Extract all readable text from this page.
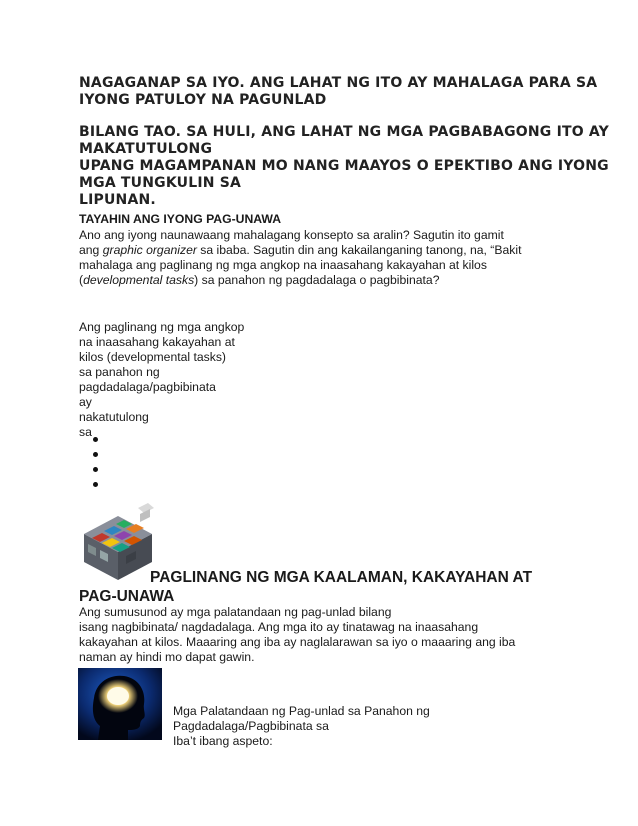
NAGAGANAP SA IYO. ANG LAHAT NG ITO AY MAHALAGA PARA SA
IYONG PATULOY NA PAGUNLAD
BILANG TAO. SA HULI, ANG LAHAT NG MGA PAGBABAGONG ITO AY
MAKATUTULONG
UPANG MAGAMPANAN MO NANG MAAYOS O EPEKTIBO ANG IYONG
MGA TUNGKULIN SA
LIPUNAN.
TAYAHIN ANG IYONG PAG-UNAWA
Ano ang iyong naunawaang mahalagang konsepto sa aralin? Sagutin ito gamit
ang graphic organizer sa ibaba. Sagutin din ang kakailanganing tanong, na, “Bakit
mahalaga ang paglinang ng mga angkop na inaasahang kakayahan at kilos
(developmental tasks) sa panahon ng pagdadalaga o pagbibinata?
Ang paglinang ng mga angkop
na inaasahang kakayahan at
kilos (developmental tasks)
sa panahon ng
pagdadalaga/pagbibinata
ay
nakatutulong
sa
PAGLINANG NG MGA KAALAMAN, KAKAYAHAN AT
PAG-UNAWA
Ang sumusunod ay mga palatandaan ng pag-unlad bilang
isang nagbibinata/ nagdadalaga. Ang mga ito ay tinatawag na inaasahang
kakayahan at kilos. Maaaring ang iba ay naglalarawan sa iyo o maaaring ang iba
naman ay hindi mo dapat gawin.
Mga Palatandaan ng Pag-unlad sa Panahon ng
Pagdadalaga/Pagbibinata sa
Iba’t ibang aspeto:
